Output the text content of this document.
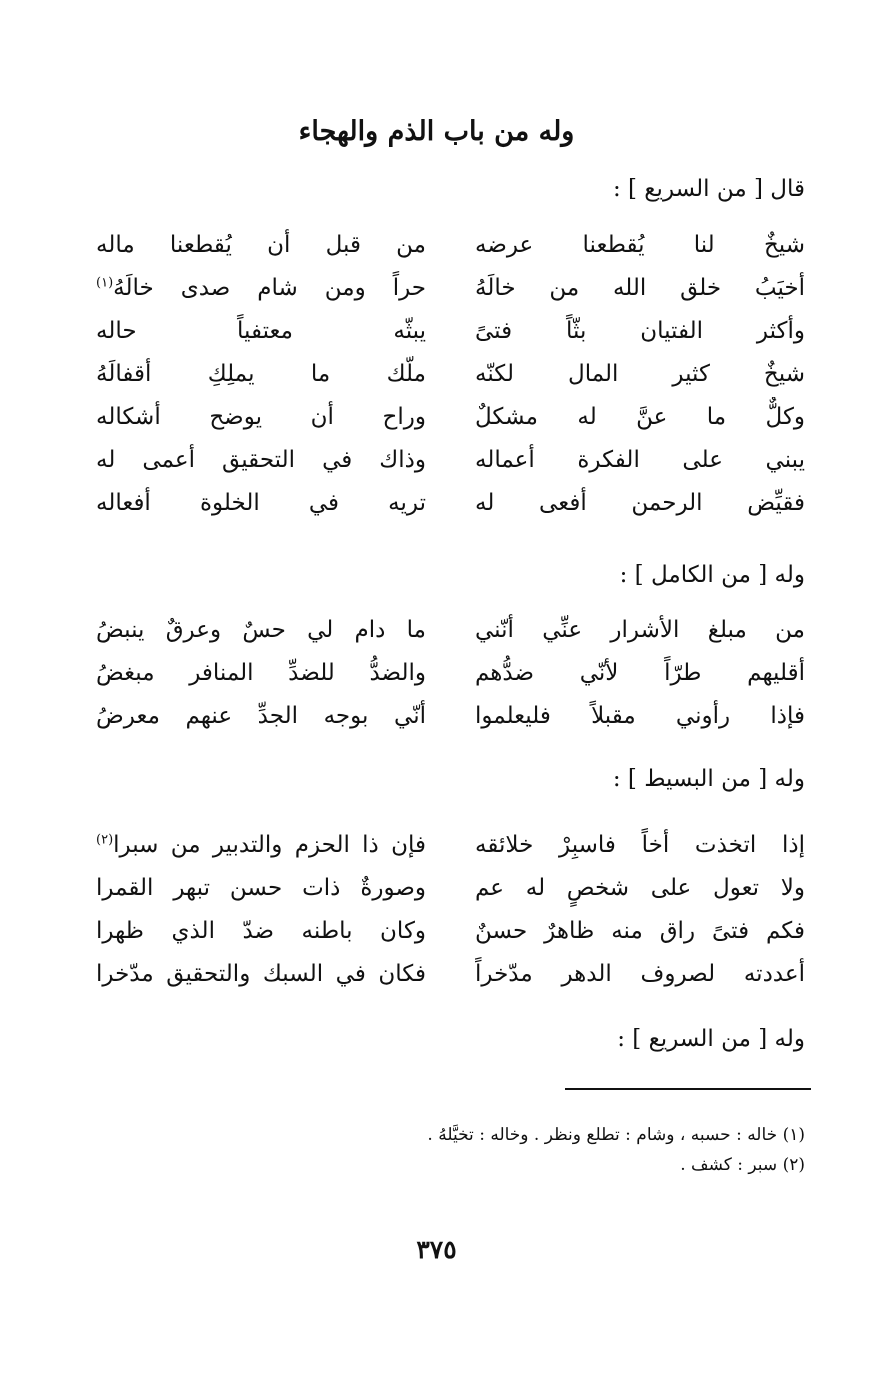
وله من باب الذم والهجاء
قال [ من السريع ] :
شيخٌ لنا يُقطعنا عرضه
من قبل أن يُقطعنا ماله
أخيَبُ خلق الله من خالَهُ
حراً ومن شام صدى خالَهُ$^{(١)}$
وأكثر الفتيان بثّاً فتىً
يبثّه معتفياً حاله
شيخٌ كثير المال لكنّه
ملّك ما يملِكِ أقفالَهُ
وكلٌّ ما عنَّ له مشكلٌ
وراح أن يوضح أشكاله
يبني على الفكرة أعماله
وذاك في التحقيق أعمى له
فقيِّض الرحمن أفعى له
تريه في الخلوة أفعاله
وله [ من الكامل ] :
من مبلغ الأشرار عنِّي أنّني
ما دام لي حسٌ وعرقٌ ينبضُ
أقليهم طرّاً لأنّي ضدُّهم
والضدُّ للضدِّ المنافر مبغضُ
فإذا رأوني مقبلاً فليعلموا
أنّي بوجه الجدِّ عنهم معرضُ
وله [ من البسيط ] :
إذا اتخذت أخاً فاسبِرْ خلائقه
فإن ذا الحزم والتدبير من سبرا$^{(٢)}$
ولا تعول على شخصٍ له عم
وصورةٌ ذات حسن تبهر القمرا
فكم فتىً راق منه ظاهرٌ حسنٌ
وكان باطنه ضدّ الذي ظهرا
أعددته لصروف الدهر مدّخراً
فكان في السبك والتحقيق مدّخرا
وله [ من السريع ] :
(١) خاله : حسبه ، وشام : تطلع ونظر . وخاله : تخيَّلهُ .
(٢) سبر : كشف .
٣٧٥
